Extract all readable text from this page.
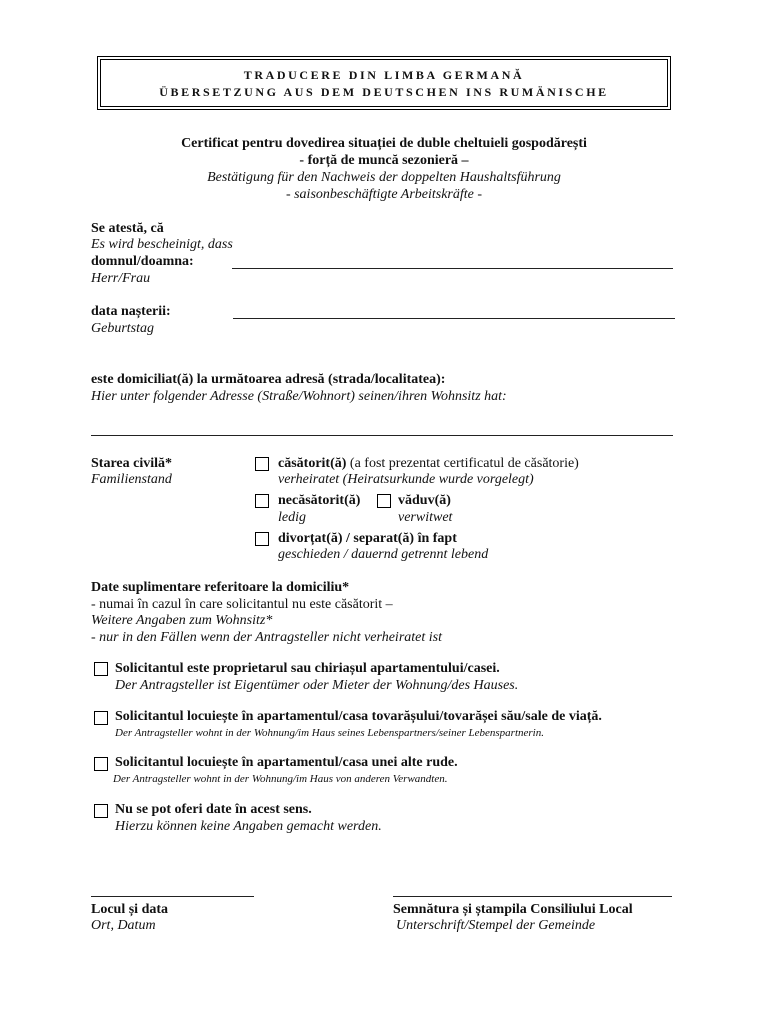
TRADUCERE DIN LIMBA GERMANĂ
ÜBERSETZUNG AUS DEM DEUTSCHEN INS RUMÄNISCHE
Certificat pentru dovedirea situației de duble cheltuieli gospodărești
- forță de muncă sezonieră –
Bestätigung für den Nachweis der doppelten Haushaltsführung
- saisonbeschäftigte Arbeitskräfte -
Se atestă, că
Es wird bescheinigt, dass
domnul/doamna:
Herr/Frau
data nașterii:
Geburtstag
este domiciliat(ă) la următoarea adresă (strada/localitatea):
Hier unter folgender Adresse (Straße/Wohnort) seinen/ihren Wohnsitz hat:
Starea civilă*
Familienstand
căsătorit(ă) (a fost prezentat certificatul de căsătorie)
verheiratet (Heiratsurkunde wurde vorgelegt)
necăsătorit(ă)
ledig
văduv(ă)
verwitwet
divorțat(ă) / separat(ă) în fapt
geschieden / dauernd getrennt lebend
Date suplimentare referitoare la domiciliu*
- numai în cazul în care solicitantul nu este căsătorit –
Weitere Angaben zum Wohnsitz*
- nur in den Fällen wenn der Antragsteller nicht verheiratet ist
Solicitantul este proprietarul sau chiriașul apartamentului/casei.
Der Antragsteller ist Eigentümer oder Mieter der Wohnung/des Hauses.
Solicitantul locuiește în apartamentul/casa tovarășului/tovarășei său/sale de viață.
Der Antragsteller wohnt in der Wohnung/im Haus seines Lebenspartners/seiner Lebenspartnerin.
Solicitantul locuiește în apartamentul/casa unei alte rude.
Der Antragsteller wohnt in der Wohnung/im Haus von anderen Verwandten.
Nu se pot oferi date în acest sens.
Hierzu können keine Angaben gemacht werden.
Locul și data
Ort, Datum
Semnătura și ștampila Consiliului Local
Unterschrift/Stempel der Gemeinde
